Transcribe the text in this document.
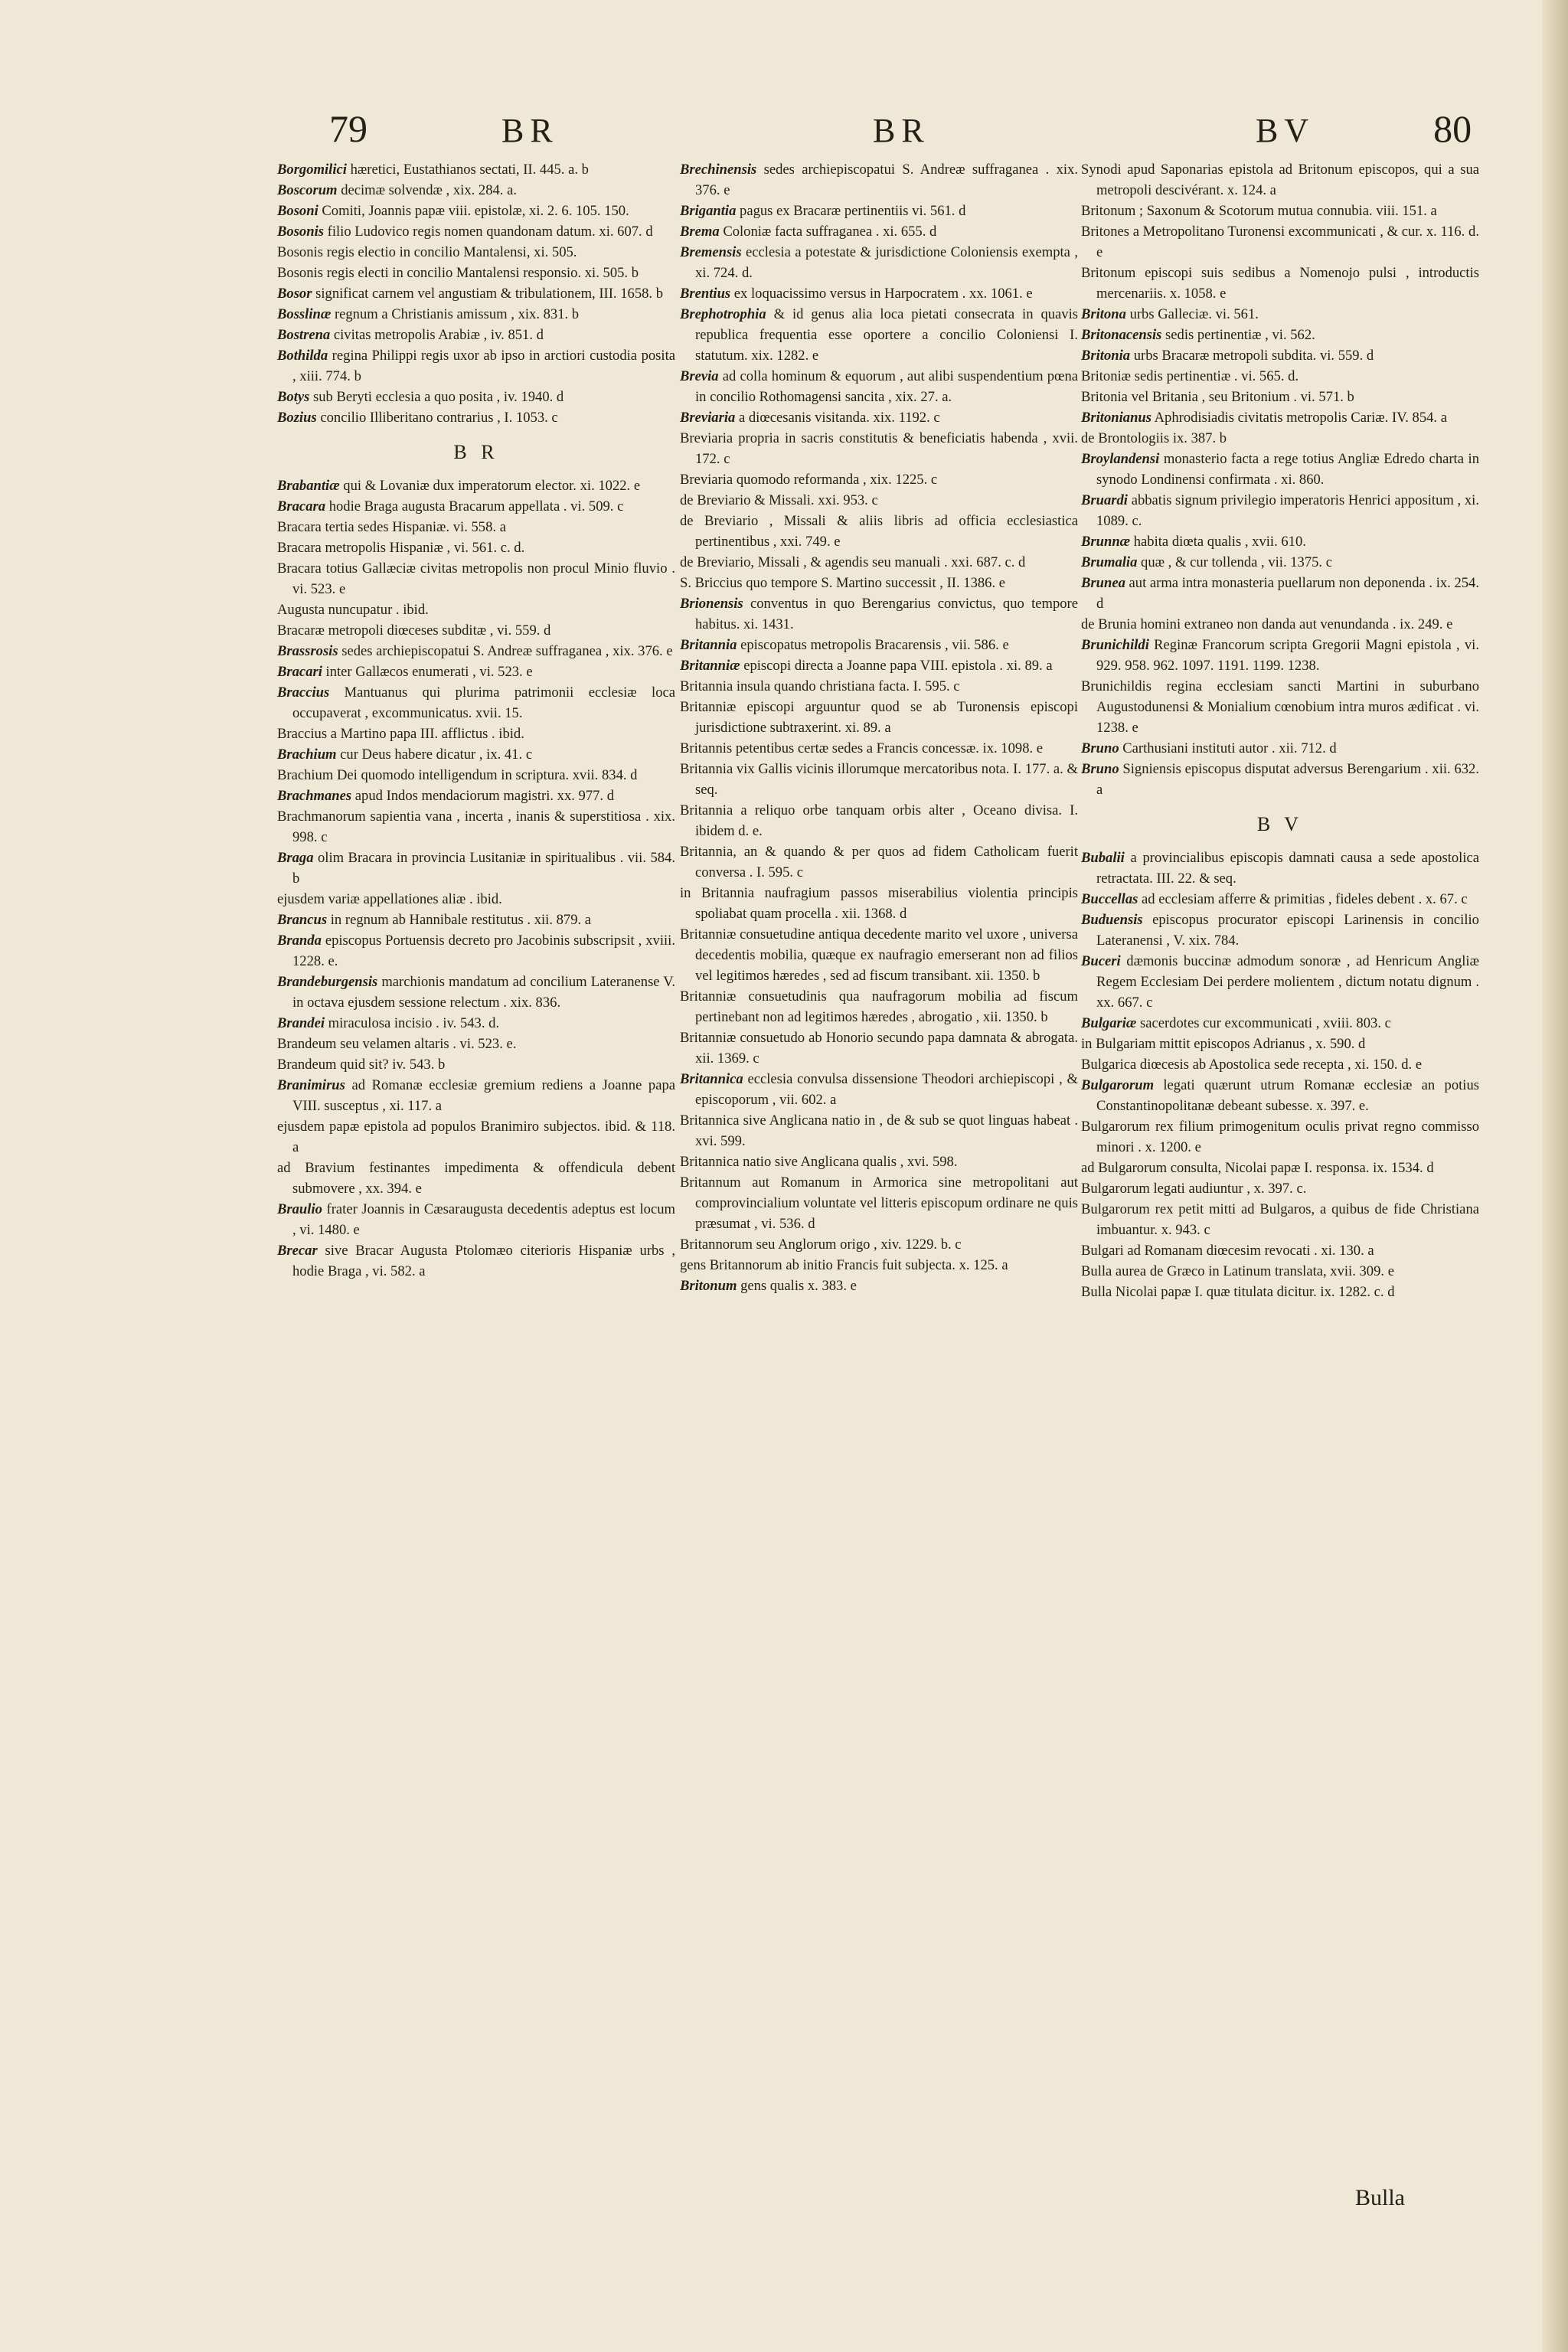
79	BR	BR	BV	80
Borgomilici hæretici, Eustathianos sectati, II. 445. a. b
Boscorum decimæ solvendæ , xix. 284. a.
Bosoni Comiti, Joannis papæ viii. epistolæ, xi. 2. 6. 105. 150.
Bosonis filio Ludovico regis nomen quandonam datum. xi. 607. d
Bosonis regis electio in concilio Mantalensi, xi. 505.
Bosonis regis electi in concilio Mantalensi responsio. xi. 505. b
Bosor significat carnem vel angustiam & tribulationem, III. 1658. b
Bosslinæ regnum a Christianis amissum , xix. 831. b
Bostrena civitas metropolis Arabiæ , iv. 851. d
Bothilda regina Philippi regis uxor ab ipso in arctiori custodia posita , xiii. 774. b
Botys sub Beryti ecclesia a quo posita , iv. 1940. d
Bozius concilio Illiberitano contrarius , I. 1053. c
B R
Brabantiæ qui & Lovaniæ dux imperatorum elector. xi. 1022. e
Bracara hodie Braga augusta Bracarum appellata . vi. 509. c
Bracara tertia sedes Hispaniæ. vi. 558. a
Bracara metropolis Hispaniæ , vi. 561. c. d.
Bracara totius Gallæciæ civitas metropolis non procul Minio fluvio . vi. 523. e
Augusta nuncupatur . ibid.
Bracaræ metropoli diœceses subditæ , vi. 559. d
Brassrosis sedes archiepiscopatui S. Andreæ suffraganea , xix. 376. e
Bracari inter Gallæcos enumerati , vi. 523. e
Braccius Mantuanus qui plurima patrimonii ecclesiæ loca occupaverat , excommunicatus. xvii. 15.
Braccius a Martino papa III. afflictus . ibid.
Brachium cur Deus habere dicatur , ix. 41. c
Brachium Dei quomodo intelligendum in scriptura. xvii. 834. d
Brachmanes apud Indos mendaciorum magistri. xx. 977. d
Brachmanorum sapientia vana , incerta , inanis & superstitiosa . xix. 998. c
Braga olim Bracara in provincia Lusitaniæ in spiritualibus . vii. 584. b
ejusdem variæ appellationes aliæ . ibid.
Brancus in regnum ab Hannibale restitutus . xii. 879. a
Branda episcopus Portuensis decreto pro Jacobinis subscripsit , xviii. 1228. e.
Brandeburgensis marchionis mandatum ad concilium Lateranense V. in octava ejusdem sessione relectum . xix. 836.
Brandei miraculosa incisio . iv. 543. d.
Brandeum seu velamen altaris . vi. 523. e.
Brandeum quid sit? iv. 543. b
Branimirus ad Romanæ ecclesiæ gremium rediens a Joanne papa VIII. susceptus , xi. 117. a
ejusdem papæ epistola ad populos Branimiro subjectos. ibid. & 118. a
ad Bravium festinantes impedimenta & offendicula debent submovere , xx. 394. e
Braulio frater Joannis in Cæsaraugusta decedentis adeptus est locum , vi. 1480. e
Brecar sive Bracar Augusta Ptolomæo citerioris Hispaniæ urbs , hodie Braga , vi. 582. a
Brechinensis sedes archiepiscopatui S. Andreæ suffraganea . xix. 376. e
Brigantia pagus ex Bracaræ pertinentiis vi. 561. d
Brema Coloniæ facta suffraganea . xi. 655. d
Bremensis ecclesia a potestate & jurisdictione Coloniensis exempta , xi. 724. d.
Brentius ex loquacissimo versus in Harpocratem . xx. 1061. e
Brephotrophia & id genus alia loca pietati consecrata in quavis republica frequentia esse oportere a concilio Coloniensi I. statutum. xix. 1282. e
Brevia ad colla hominum & equorum , aut alibi suspendentium pœna in concilio Rothomagensi sancita , xix. 27. a.
Breviaria a diœcesanis visitanda. xix. 1192. c
Breviaria propria in sacris constitutis & beneficiatis habenda , xvii. 172. c
Breviaria quomodo reformanda , xix. 1225. c
de Breviario & Missali. xxi. 953. c
de Breviario , Missali & aliis libris ad officia ecclesiastica pertinentibus , xxi. 749. e
de Breviario, Missali , & agendis seu manuali . xxi. 687. c. d
S. Briccius quo tempore S. Martino successit , II. 1386. e
Brionensis conventus in quo Berengarius convictus, quo tempore habitus. xi. 1431.
Britannia episcopatus metropolis Bracarensis , vii. 586. e
Britanniæ episcopi directa a Joanne papa VIII. epistola . xi. 89. a
Britannia insula quando christiana facta. I. 595. c
Britanniæ episcopi arguuntur quod se ab Turonensis episcopi jurisdictione subtraxerint. xi. 89. a
Britannis petentibus certæ sedes a Francis concessæ. ix. 1098. e
Britannia vix Gallis vicinis illorumque mercatoribus nota. I. 177. a. & seq.
Britannia a reliquo orbe tanquam orbis alter , Oceano divisa. I. ibidem d. e.
Britannia, an & quando & per quos ad fidem Catholicam fuerit conversa . I. 595. c
in Britannia naufragium passos miserabilius violentia principis spoliabat quam procella . xii. 1368. d
Britanniæ consuetudine antiqua decedente marito vel uxore , universa decedentis mobilia, quæque ex naufragio emerserant non ad filios vel legitimos hæredes , sed ad fiscum transibant. xii. 1350. b
Britanniæ consuetudinis qua naufragorum mobilia ad fiscum pertinebant non ad legitimos hæredes , abrogatio , xii. 1350. b
Britanniæ consuetudo ab Honorio secundo papa damnata & abrogata. xii. 1369. c
Britannica ecclesia convulsa dissensione Theodori archiepiscopi , & episcoporum , vii. 602. a
Britannica sive Anglicana natio in , de & sub se quot linguas habeat . xvi. 599.
Britannica natio sive Anglicana qualis , xvi. 598.
Britannum aut Romanum in Armorica sine metropolitani aut comprovincialium voluntate vel litteris episcopum ordinare ne quis præsumat , vi. 536. d
Britannorum seu Anglorum origo , xiv. 1229. b. c
gens Britannorum ab initio Francis fuit subjecta. x. 125. a
Britonum gens qualis x. 383. e
Synodi apud Saponarias epistola ad Britonum episcopos, qui a sua metropoli descivérant. x. 124. a
Britonum ; Saxonum & Scotorum mutua connubia. viii. 151. a
Britones a Metropolitano Turonensi excommunicati , & cur. x. 116. d. e
Britonum episcopi suis sedibus a Nomenojo pulsi , introductis mercenariis. x. 1058. e
Britona urbs Galleciæ. vi. 561.
Britonacensis sedis pertinentiæ , vi. 562.
Britonia urbs Bracaræ metropoli subdita. vi. 559. d
Britoniæ sedis pertinentiæ . vi. 565. d.
Britonia vel Britania , seu Britonium . vi. 571. b
Britonianus Aphrodisiadis civitatis metropolis Cariæ. IV. 854. a
de Brontologiis ix. 387. b
Broylandensi monasterio facta a rege totius Angliæ Edredo charta in synodo Londinensi confirmata . xi. 860.
Bruardi abbatis signum privilegio imperatoris Henrici appositum , xi. 1089. c.
Brunnæ habita diœta qualis , xvii. 610.
Brumalia quæ , & cur tollenda , vii. 1375. c
Brunea aut arma intra monasteria puellarum non deponenda . ix. 254. d
de Brunia homini extraneo non danda aut venundanda . ix. 249. e
Brunichildi Reginæ Francorum scripta Gregorii Magni epistola , vi. 929. 958. 962. 1097. 1191. 1199. 1238.
Brunichildis regina ecclesiam sancti Martini in suburbano Augustodunensi & Monialium cœnobium intra muros ædificat . vi. 1238. e
Bruno Carthusiani instituti autor . xii. 712. d
Bruno Signiensis episcopus disputat adversus Berengarium . xii. 632. a
B V
Bubalii a provincialibus episcopis damnati causa a sede apostolica retractata. III. 22. & seq.
Buccellas ad ecclesiam afferre & primitias , fideles debent . x. 67. c
Buduensis episcopus procurator episcopi Larinensis in concilio Lateranensi , V. xix. 784.
Buceri dæmonis buccinæ admodum sonoræ , ad Henricum Angliæ Regem Ecclesiam Dei perdere molientem , dictum notatu dignum . xx. 667. c
Bulgariæ sacerdotes cur excommunicati , xviii. 803. c
in Bulgariam mittit episcopos Adrianus , x. 590. d
Bulgarica diœcesis ab Apostolica sede recepta , xi. 150. d. e
Bulgarorum legati quærunt utrum Romanæ ecclesiæ an potius Constantinopolitanæ debeant subesse. x. 397. e.
Bulgarorum rex filium primogenitum oculis privat regno commisso minori . x. 1200. e
ad Bulgarorum consulta, Nicolai papæ I. responsa. ix. 1534. d
Bulgarorum legati audiuntur , x. 397. c.
Bulgarorum rex petit mitti ad Bulgaros, a quibus de fide Christiana imbuantur. x. 943. c
Bulgari ad Romanam diœcesim revocati . xi. 130. a
Bulla aurea de Græco in Latinum translata, xvii. 309. e
Bulla Nicolai papæ I. quæ titulata dicitur. ix. 1282. c. d
Bulla
